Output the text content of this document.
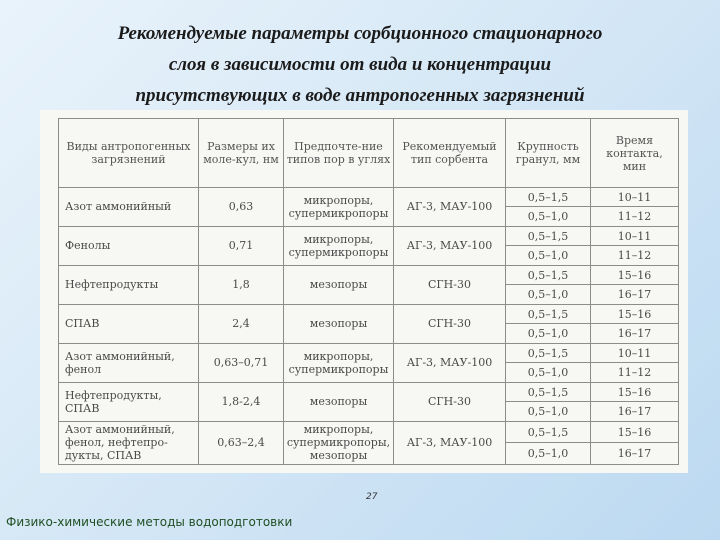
Рекомендуемые параметры сорбционного стационарного
слоя в зависимости от вида и концентрации
присутствующих в воде антропогенных загрязнений
Виды антропогенных загрязнений	Размеры их моле-кул, нм	Предпочте-ние типов пор в углях	Рекомендуемый тип сорбента	Крупность гранул, мм	Время контакта, мин
Азот аммонийный	0,63	микропоры, супермикропоры	АГ-3, МАУ-100	0,5–1,5	10–11
				0,5–1,0	11–12
Фенолы	0,71	микропоры, супермикропоры	АГ-3, МАУ-100	0,5–1,5	10–11
				0,5–1,0	11–12
Нефтепродукты	1,8	мезопоры	СГН-30	0,5–1,5	15–16
				0,5–1,0	16–17
СПАВ	2,4	мезопоры	СГН-30	0,5–1,5	15–16
				0,5–1,0	16–17
Азот аммонийный, фенол	0,63–0,71	микропоры, супермикропоры	АГ-3, МАУ-100	0,5–1,5	10–11
				0,5–1,0	11–12
Нефтепродукты, СПАВ	1,8-2,4	мезопоры	СГН-30	0,5–1,5	15–16
				0,5–1,0	16–17
Азот аммонийный, фенол, нефтепро-дукты, СПАВ	0,63–2,4	микропоры, супермикропоры, мезопоры	АГ-3, МАУ-100	0,5–1,5	15–16
				0,5–1,0	16–17
27
Физико-химические методы водоподготовки
